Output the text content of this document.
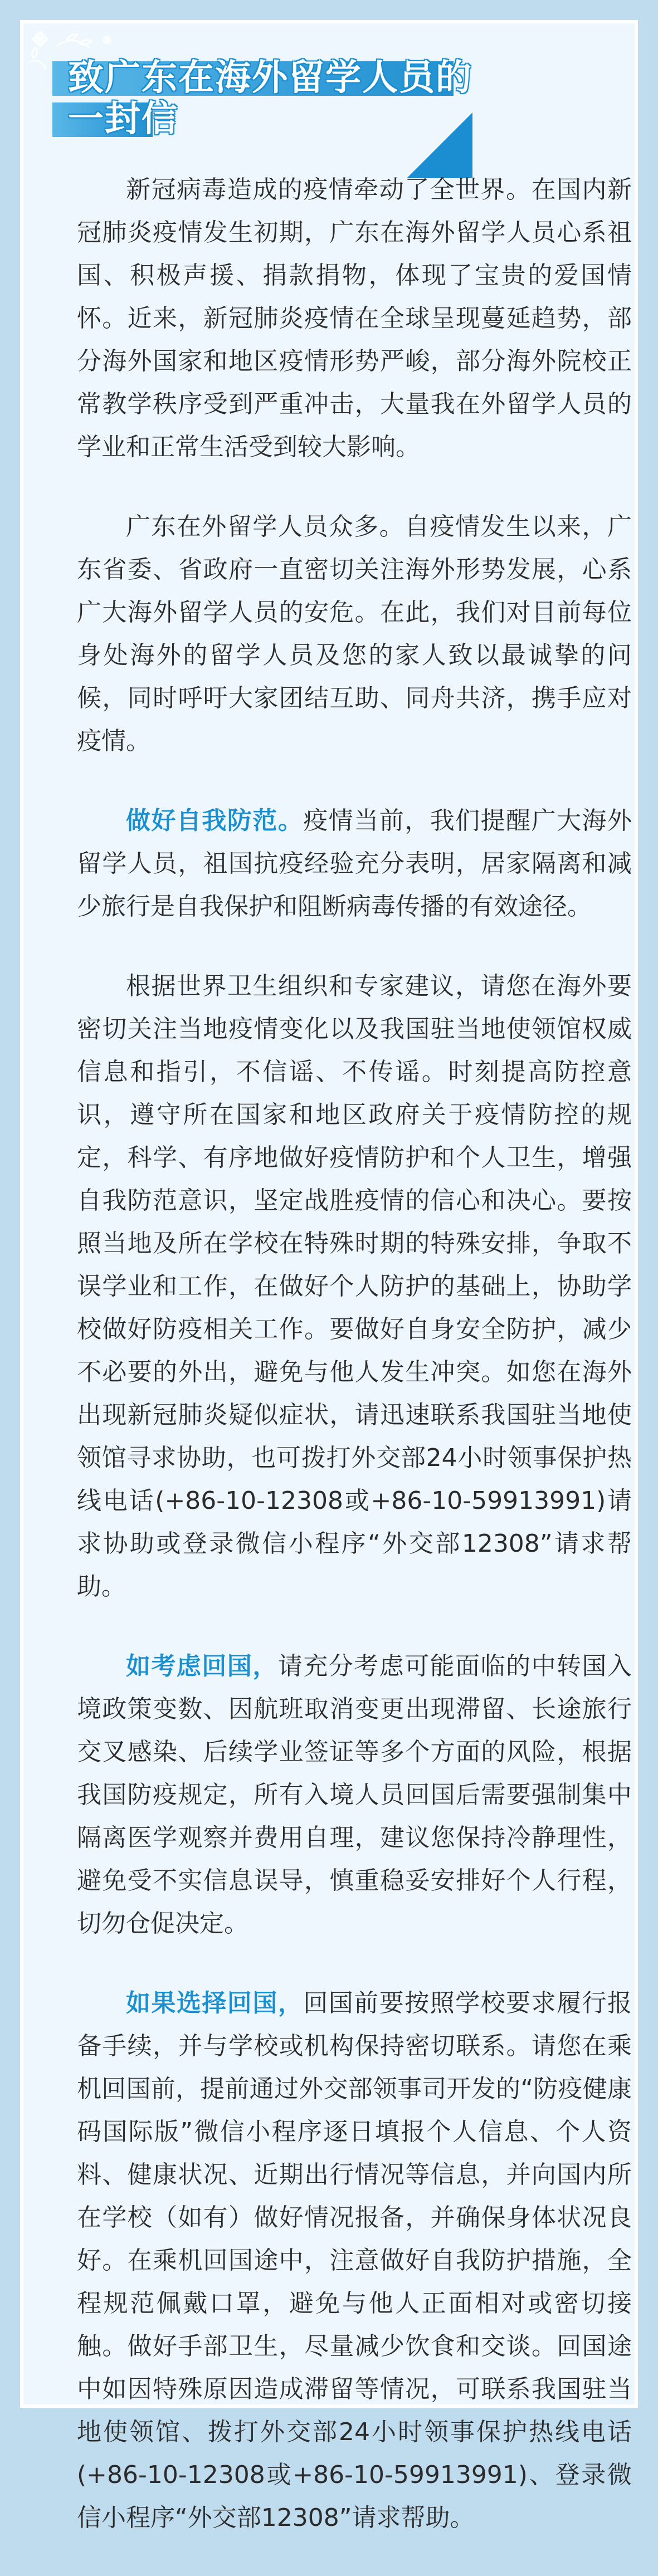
致广东在海外留学人员的
一封信

新冠病毒造成的疫情牵动了全世界。在国内新冠肺炎疫情发生初期，广东在海外留学人员心系祖国、积极声援、捐款捐物，体现了宝贵的爱国情怀。近来，新冠肺炎疫情在全球呈现蔓延趋势，部分海外国家和地区疫情形势严峻，部分海外院校正常教学秩序受到严重冲击，大量我在外留学人员的学业和正常生活受到较大影响。

广东在外留学人员众多。自疫情发生以来，广东省委、省政府一直密切关注海外形势发展，心系广大海外留学人员的安危。在此，我们对目前每位身处海外的留学人员及您的家人致以最诚挚的问候，同时呼吁大家团结互助、同舟共济，携手应对疫情。

做好自我防范。疫情当前，我们提醒广大海外留学人员，祖国抗疫经验充分表明，居家隔离和减少旅行是自我保护和阻断病毒传播的有效途径。

根据世界卫生组织和专家建议，请您在海外要密切关注当地疫情变化以及我国驻当地使领馆权威信息和指引，不信谣、不传谣。时刻提高防控意识，遵守所在国家和地区政府关于疫情防控的规定，科学、有序地做好疫情防护和个人卫生，增强自我防范意识，坚定战胜疫情的信心和决心。要按照当地及所在学校在特殊时期的特殊安排，争取不误学业和工作，在做好个人防护的基础上，协助学校做好防疫相关工作。要做好自身安全防护，减少不必要的外出，避免与他人发生冲突。如您在海外出现新冠肺炎疑似症状，请迅速联系我国驻当地使领馆寻求协助，也可拨打外交部24小时领事保护热线电话(+86-10-12308或+86-10-59913991)请求协助或登录微信小程序“外交部12308”请求帮助。

如考虑回国，请充分考虑可能面临的中转国入境政策变数、因航班取消变更出现滞留、长途旅行交叉感染、后续学业签证等多个方面的风险，根据我国防疫规定，所有入境人员回国后需要强制集中隔离医学观察并费用自理，建议您保持冷静理性，避免受不实信息误导，慎重稳妥安排好个人行程，切勿仓促决定。

如果选择回国，回国前要按照学校要求履行报备手续，并与学校或机构保持密切联系。请您在乘机回国前，提前通过外交部领事司开发的“防疫健康码国际版”微信小程序逐日填报个人信息、个人资料、健康状况、近期出行情况等信息，并向国内所在学校（如有）做好情况报备，并确保身体状况良好。在乘机回国途中，注意做好自我防护措施，全程规范佩戴口罩，避免与他人正面相对或密切接触。做好手部卫生，尽量减少饮食和交谈。回国途中如因特殊原因造成滞留等情况，可联系我国驻当地使领馆、拨打外交部24小时领事保护热线电话(+86-10-12308或+86-10-59913991)、登录微信小程序“外交部12308”请求帮助。
